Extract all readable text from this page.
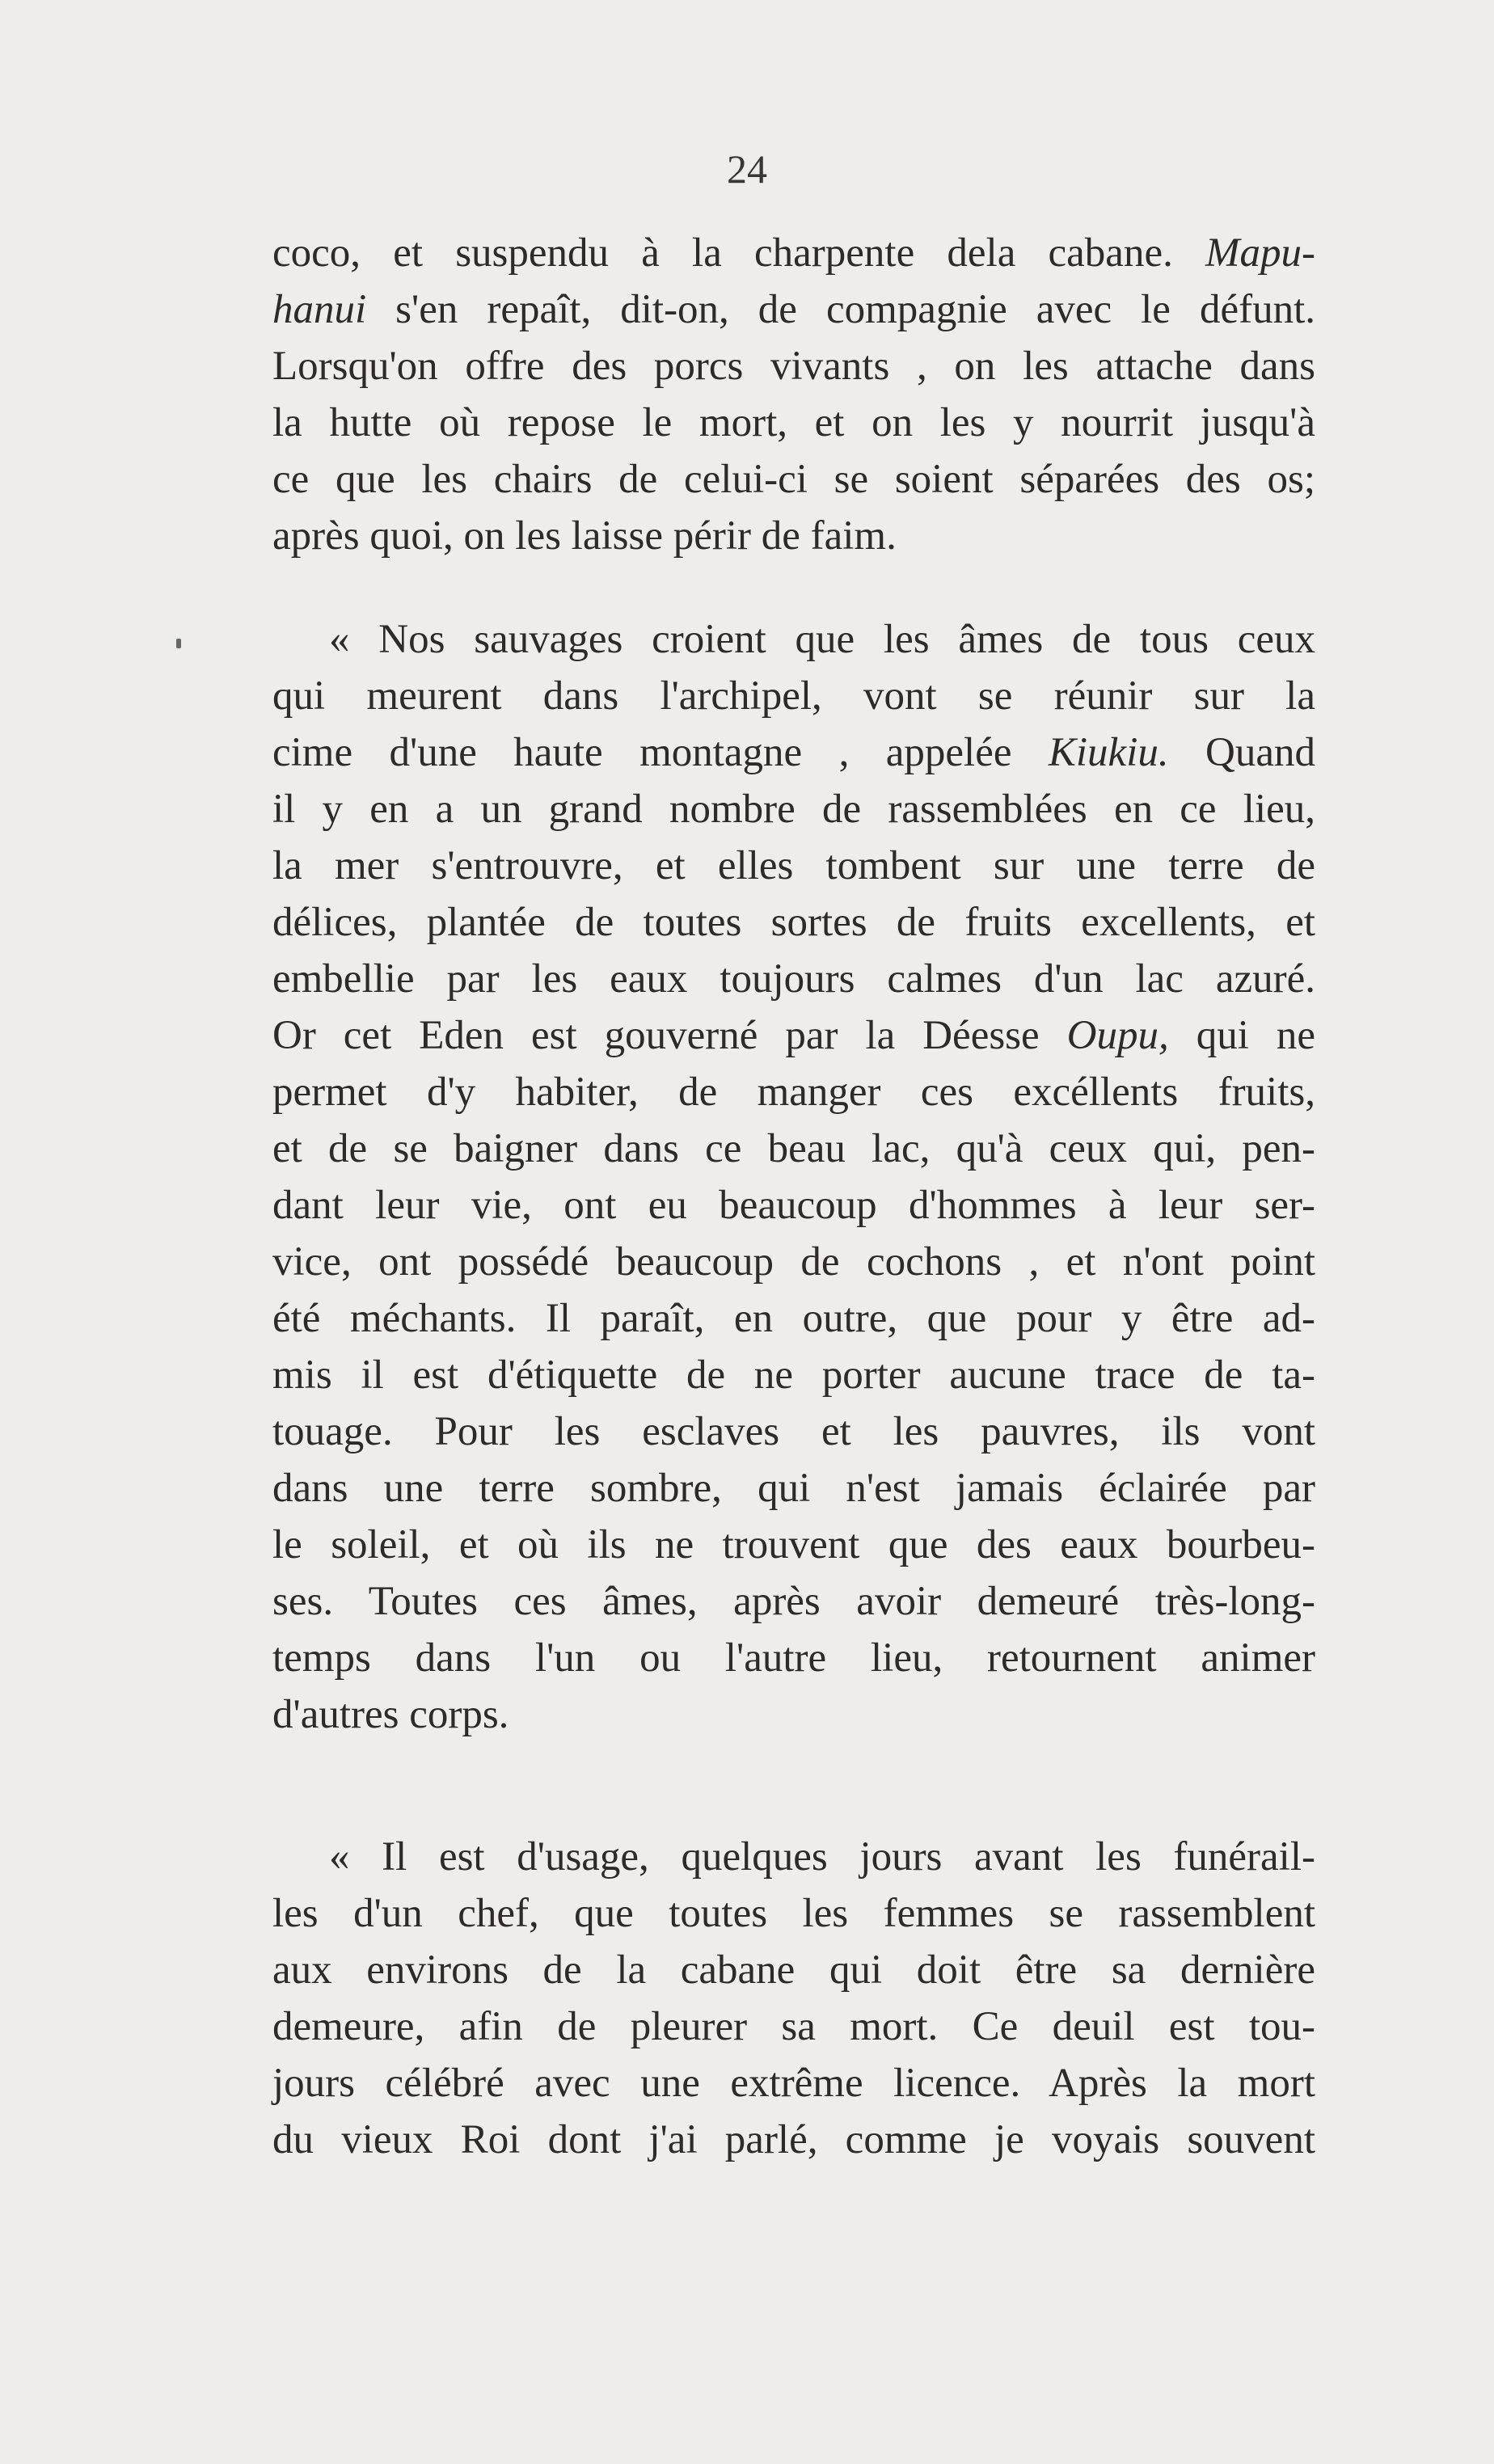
24
coco, et suspendu à la charpente dela cabane. Mapu-
hanui s'en repaît, dit-on, de compagnie avec le défunt.
Lorsqu'on offre des porcs vivants , on les attache dans
la hutte où repose le mort, et on les y nourrit jusqu'à
ce que les chairs de celui-ci se soient séparées des os;
après quoi, on les laisse périr de faim.
« Nos sauvages croient que les âmes de tous ceux
qui meurent dans l'archipel, vont se réunir sur la
cime d'une haute montagne , appelée Kiukiu. Quand
il y en a un grand nombre de rassemblées en ce lieu,
la mer s'entrouvre, et elles tombent sur une terre de
délices, plantée de toutes sortes de fruits excellents, et
embellie par les eaux toujours calmes d'un lac azuré.
Or cet Eden est gouverné par la Déesse Oupu, qui ne
permet d'y habiter, de manger ces excéllents fruits,
et de se baigner dans ce beau lac, qu'à ceux qui, pen-
dant leur vie, ont eu beaucoup d'hommes à leur ser-
vice, ont possédé beaucoup de cochons , et n'ont point
été méchants. Il paraît, en outre, que pour y être ad-
mis il est d'étiquette de ne porter aucune trace de ta-
touage. Pour les esclaves et les pauvres, ils vont
dans une terre sombre, qui n'est jamais éclairée par
le soleil, et où ils ne trouvent que des eaux bourbeu-
ses. Toutes ces âmes, après avoir demeuré très-long-
temps dans l'un ou l'autre lieu, retournent animer
d'autres corps.
« Il est d'usage, quelques jours avant les funérail-
les d'un chef, que toutes les femmes se rassemblent
aux environs de la cabane qui doit être sa dernière
demeure, afin de pleurer sa mort. Ce deuil est tou-
jours célébré avec une extrême licence. Après la mort
du vieux Roi dont j'ai parlé, comme je voyais souvent
